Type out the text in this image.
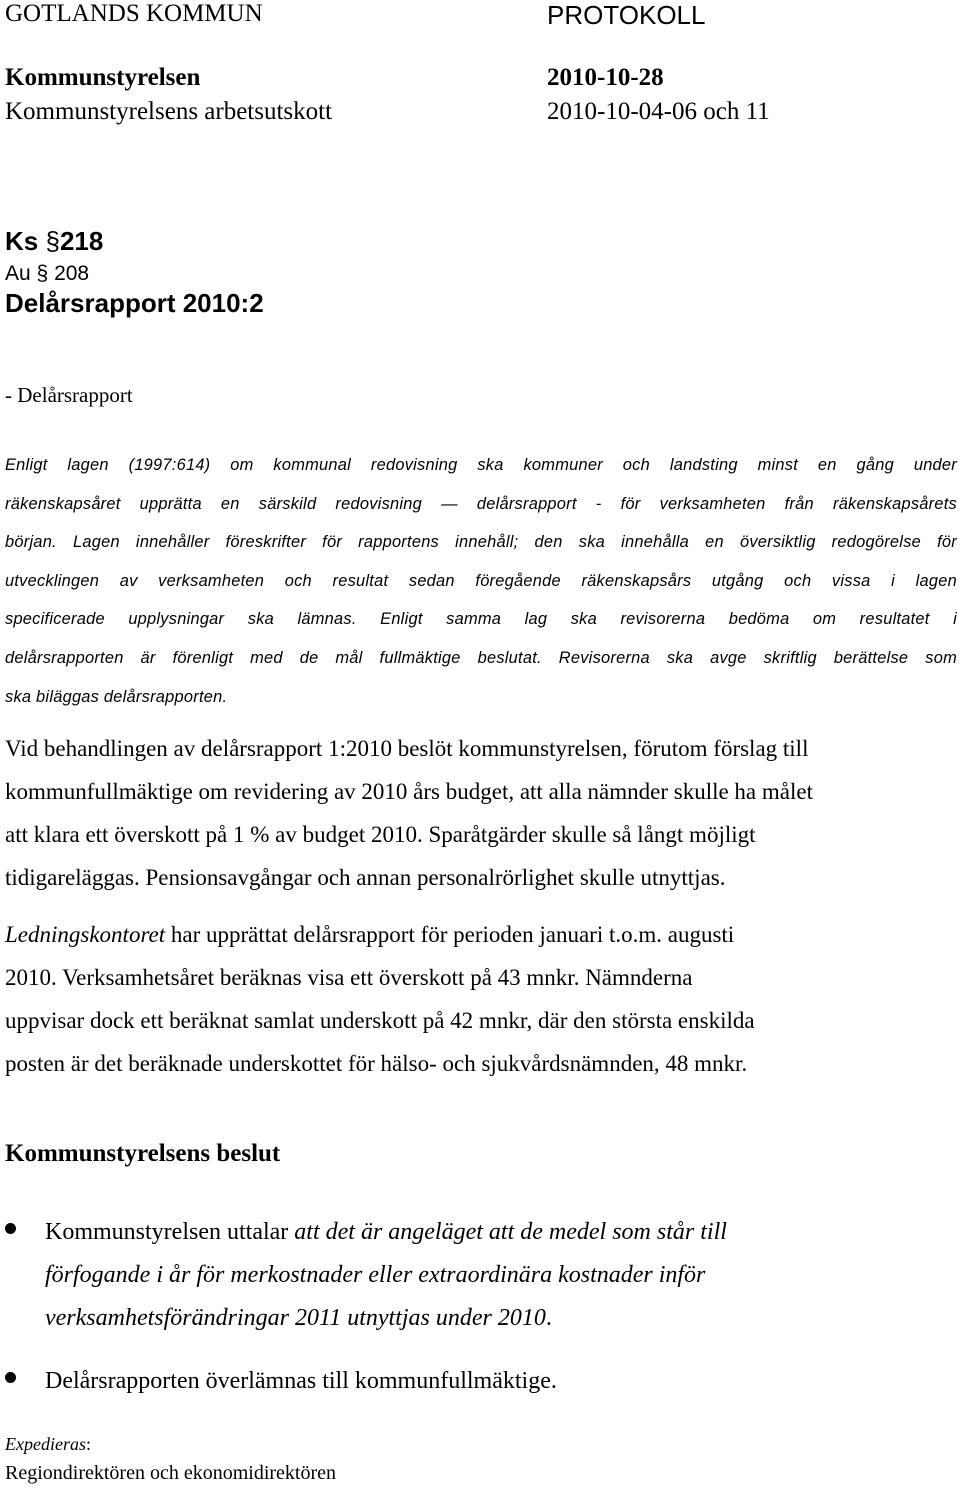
GOTLANDS KOMMUN	PROTOKOLL
Kommunstyrelsen	2010-10-28
Kommunstyrelsens arbetsutskott	2010-10-04-06 och 11
Ks §218
Au § 208
Delårsrapport 2010:2
- Delårsrapport
Enligt lagen (1997:614) om kommunal redovisning ska kommuner och landsting minst en gång under
räkenskapsåret upprätta en särskild redovisning — delårsrapport - för verksamheten från räkenskapsårets
början. Lagen innehåller föreskrifter för rapportens innehåll; den ska innehålla en översiktlig redogörelse för
utvecklingen av verksamheten och resultat sedan föregående räkenskapsårs utgång och vissa i lagen
specificerade upplysningar ska lämnas. Enligt samma lag ska revisorerna bedöma om resultatet i
delårsrapporten är förenligt med de mål fullmäktige beslutat. Revisorerna ska avge skriftlig berättelse som
ska biläggas delårsrapporten.
Vid behandlingen av delårsrapport 1:2010 beslöt kommunstyrelsen, förutom förslag till
kommunfullmäktige om revidering av 2010 års budget, att alla nämnder skulle ha målet
att klara ett överskott på 1 % av budget 2010. Sparåtgärder skulle så långt möjligt
tidigareläggas. Pensionsavgångar och annan personalrörlighet skulle utnyttjas.
Ledningskontoret har upprättat delårsrapport för perioden januari t.o.m. augusti
2010. Verksamhetsåret beräknas visa ett överskott på 43 mnkr. Nämnderna
uppvisar dock ett beräknat samlat underskott på 42 mnkr, där den största enskilda
posten är det beräknade underskottet för hälso- och sjukvårdsnämnden, 48 mnkr.
Kommunstyrelsens beslut
Kommunstyrelsen uttalar att det är angeläget att de medel som står till
förfogande i år för merkostnader eller extraordinära kostnader inför
verksamhetsförändringar 2011 utnyttjas under 2010.
Delårsrapporten överlämnas till kommunfullmäktige.
Expedieras:
Regiondirektören och ekonomidirektören
